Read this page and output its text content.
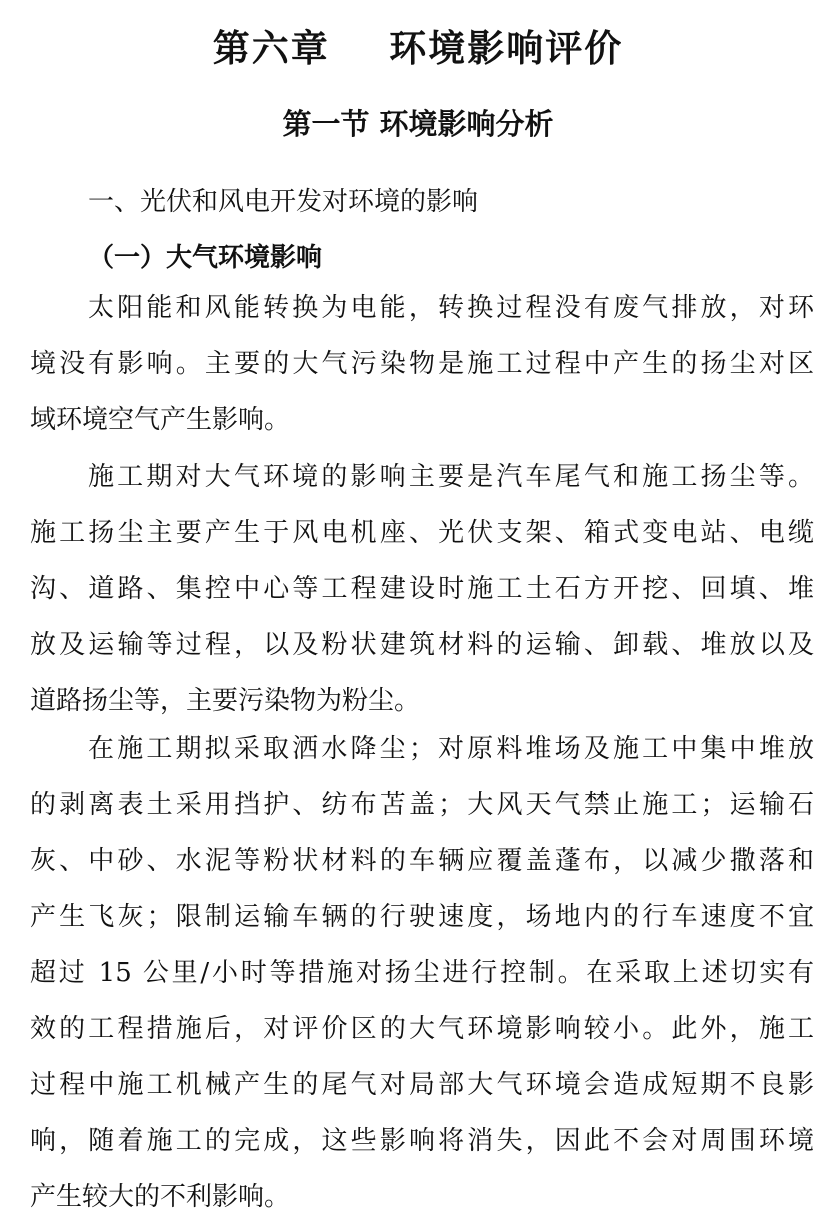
第六章    环境影响评价
第一节 环境影响分析
一、光伏和风电开发对环境的影响
（一）大气环境影响
太阳能和风能转换为电能，转换过程没有废气排放，对环
境没有影响。主要的大气污染物是施工过程中产生的扬尘对区
域环境空气产生影响。
施工期对大气环境的影响主要是汽车尾气和施工扬尘等。
施工扬尘主要产生于风电机座、光伏支架、箱式变电站、电缆
沟、道路、集控中心等工程建设时施工土石方开挖、回填、堆
放及运输等过程，以及粉状建筑材料的运输、卸载、堆放以及
道路扬尘等，主要污染物为粉尘。
在施工期拟采取洒水降尘；对原料堆场及施工中集中堆放
的剥离表土采用挡护、纺布苫盖；大风天气禁止施工；运输石
灰、中砂、水泥等粉状材料的车辆应覆盖蓬布，以减少撒落和
产生飞灰；限制运输车辆的行驶速度，场地内的行车速度不宜
超过 15 公里/小时等措施对扬尘进行控制。在采取上述切实有
效的工程措施后，对评价区的大气环境影响较小。此外，施工
过程中施工机械产生的尾气对局部大气环境会造成短期不良影
响，随着施工的完成，这些影响将消失，因此不会对周围环境
产生较大的不利影响。
